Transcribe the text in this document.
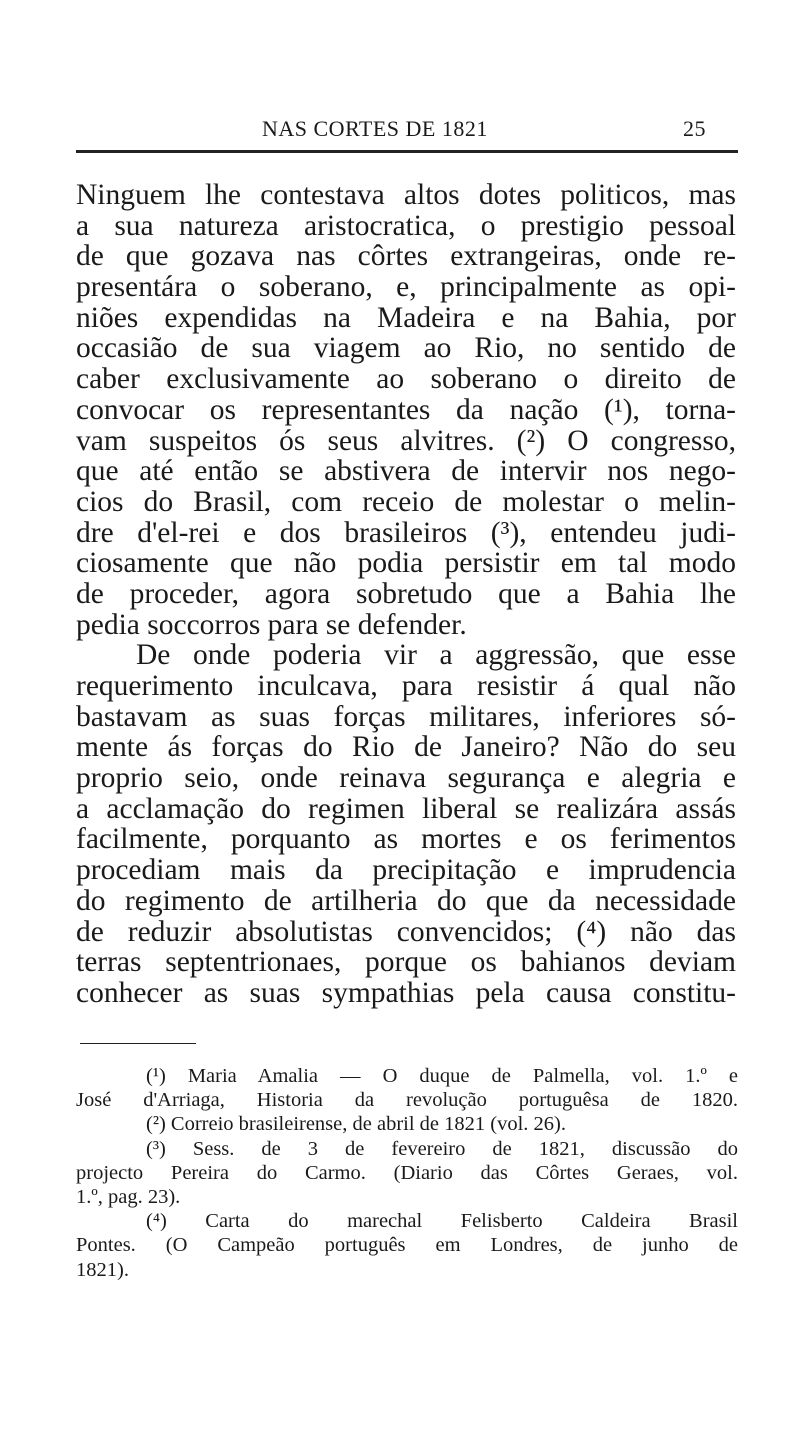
NAS CORTES DE 1821	25
Ninguem lhe contestava altos dotes politicos, mas
a sua natureza aristocratica, o prestigio pessoal
de que gozava nas côrtes extrangeiras, onde re-
presentára o soberano, e, principalmente as opi-
niões expendidas na Madeira e na Bahia, por
occasião de sua viagem ao Rio, no sentido de
caber exclusivamente ao soberano o direito de
convocar os representantes da nação (¹), torna-
vam suspeitos ós seus alvitres. (²) O congresso,
que até então se abstivera de intervir nos nego-
cios do Brasil, com receio de molestar o melin-
dre d'el-rei e dos brasileiros (³), entendeu judi-
ciosamente que não podia persistir em tal modo
de proceder, agora sobretudo que a Bahia lhe
pedia soccorros para se defender.
De onde poderia vir a aggressão, que esse
requerimento inculcava, para resistir á qual não
bastavam as suas forças militares, inferiores só-
mente ás forças do Rio de Janeiro? Não do seu
proprio seio, onde reinava segurança e alegria e
a acclamação do regimen liberal se realizára assás
facilmente, porquanto as mortes e os ferimentos
procediam mais da precipitação e imprudencia
do regimento de artilheria do que da necessidade
de reduzir absolutistas convencidos; (⁴) não das
terras septentrionaes, porque os bahianos deviam
conhecer as suas sympathias pela causa constitu-
(¹) Maria Amalia — O duque de Palmella, vol. 1.º e
José d'Arriaga, Historia da revolução portuguêsa de 1820.
(²) Correio brasileirense, de abril de 1821 (vol. 26).
(³) Sess. de 3 de fevereiro de 1821, discussão do
projecto Pereira do Carmo. (Diario das Côrtes Geraes, vol.
1.º, pag. 23).
(⁴) Carta do marechal Felisberto Caldeira Brasil
Pontes. (O Campeão português em Londres, de junho de
1821).
